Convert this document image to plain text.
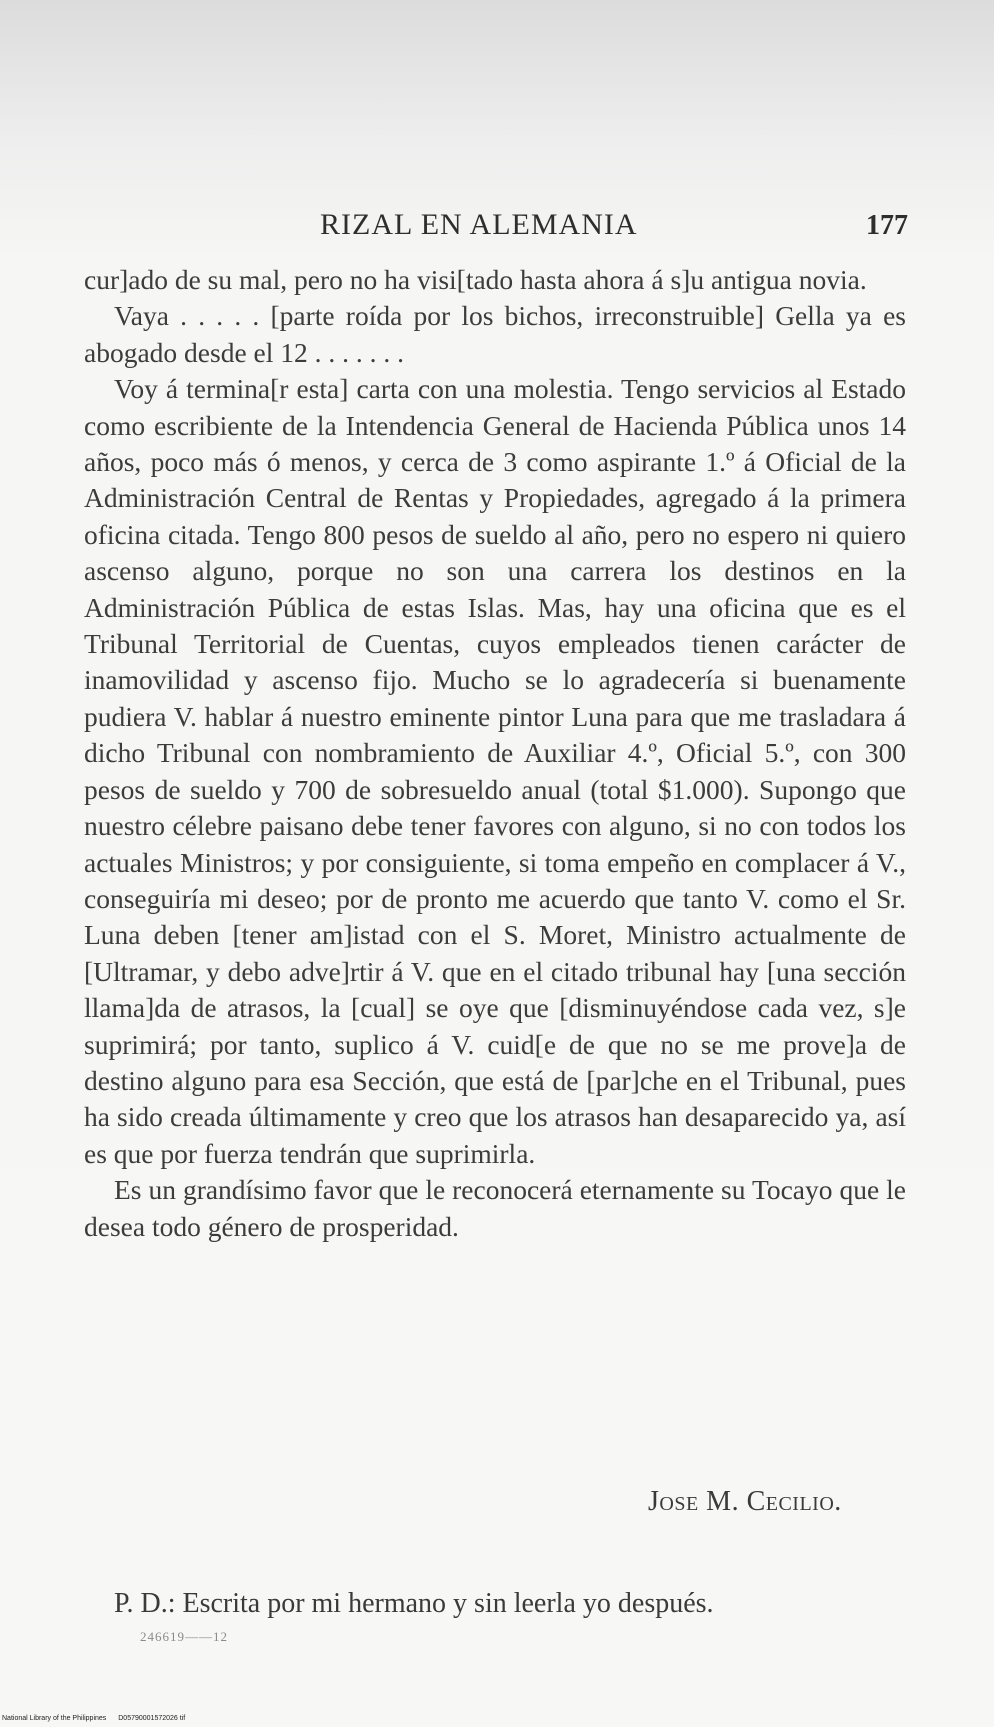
RIZAL EN ALEMANIA	177

cur]ado de su mal, pero no ha visi[tado hasta ahora á s]u antigua novia.

Vaya . . . . . [parte roída por los bichos, irreconstruible] Gella ya es abogado desde el 12 . . . . . . .

Voy á termina[r esta] carta con una molestia. Tengo servicios al Estado como escribiente de la Intendencia General de Hacienda Pública unos 14 años, poco más ó menos, y cerca de 3 como aspirante 1.º á Oficial de la Administración Central de Rentas y Propiedades, agregado á la primera oficina citada. Tengo 800 pesos de sueldo al año, pero no espero ni quiero ascenso alguno, porque no son una carrera los destinos en la Administración Pública de estas Islas. Mas, hay una oficina que es el Tribunal Territorial de Cuentas, cuyos empleados tienen carácter de inamovilidad y ascenso fijo. Mucho se lo agradecería si buenamente pudiera V. hablar á nuestro eminente pintor Luna para que me trasladara á dicho Tribunal con nombramiento de Auxiliar 4.º, Oficial 5.º, con 300 pesos de sueldo y 700 de sobresueldo anual (total $1.000). Supongo que nuestro célebre paisano debe tener favores con alguno, si no con todos los actuales Ministros; y por consiguiente, si toma empeño en complacer á V., conseguiría mi deseo; por de pronto me acuerdo que tanto V. como el Sr. Luna deben [tener am]istad con el S. Moret, Ministro actualmente de [Ultramar, y debo adve]rtir á V. que en el citado tribunal hay [una sección llama]da de atrasos, la [cual] se oye que [disminuyéndose cada vez, s]e suprimirá; por tanto, suplico á V. cuid[e de que no se me prove]a de destino alguno para esa Sección, que está de [par]che en el Tribunal, pues ha sido creada últimamente y creo que los atrasos han desaparecido ya, así es que por fuerza tendrán que suprimirla.

Es un grandísimo favor que le reconocerá eternamente su Tocayo que le desea todo género de prosperidad.

Jose M. Cecilio.
P. D.: Escrita por mi hermano y sin leerla yo después.
246619——12
National Library of the Philippines D05790001572026 tif
